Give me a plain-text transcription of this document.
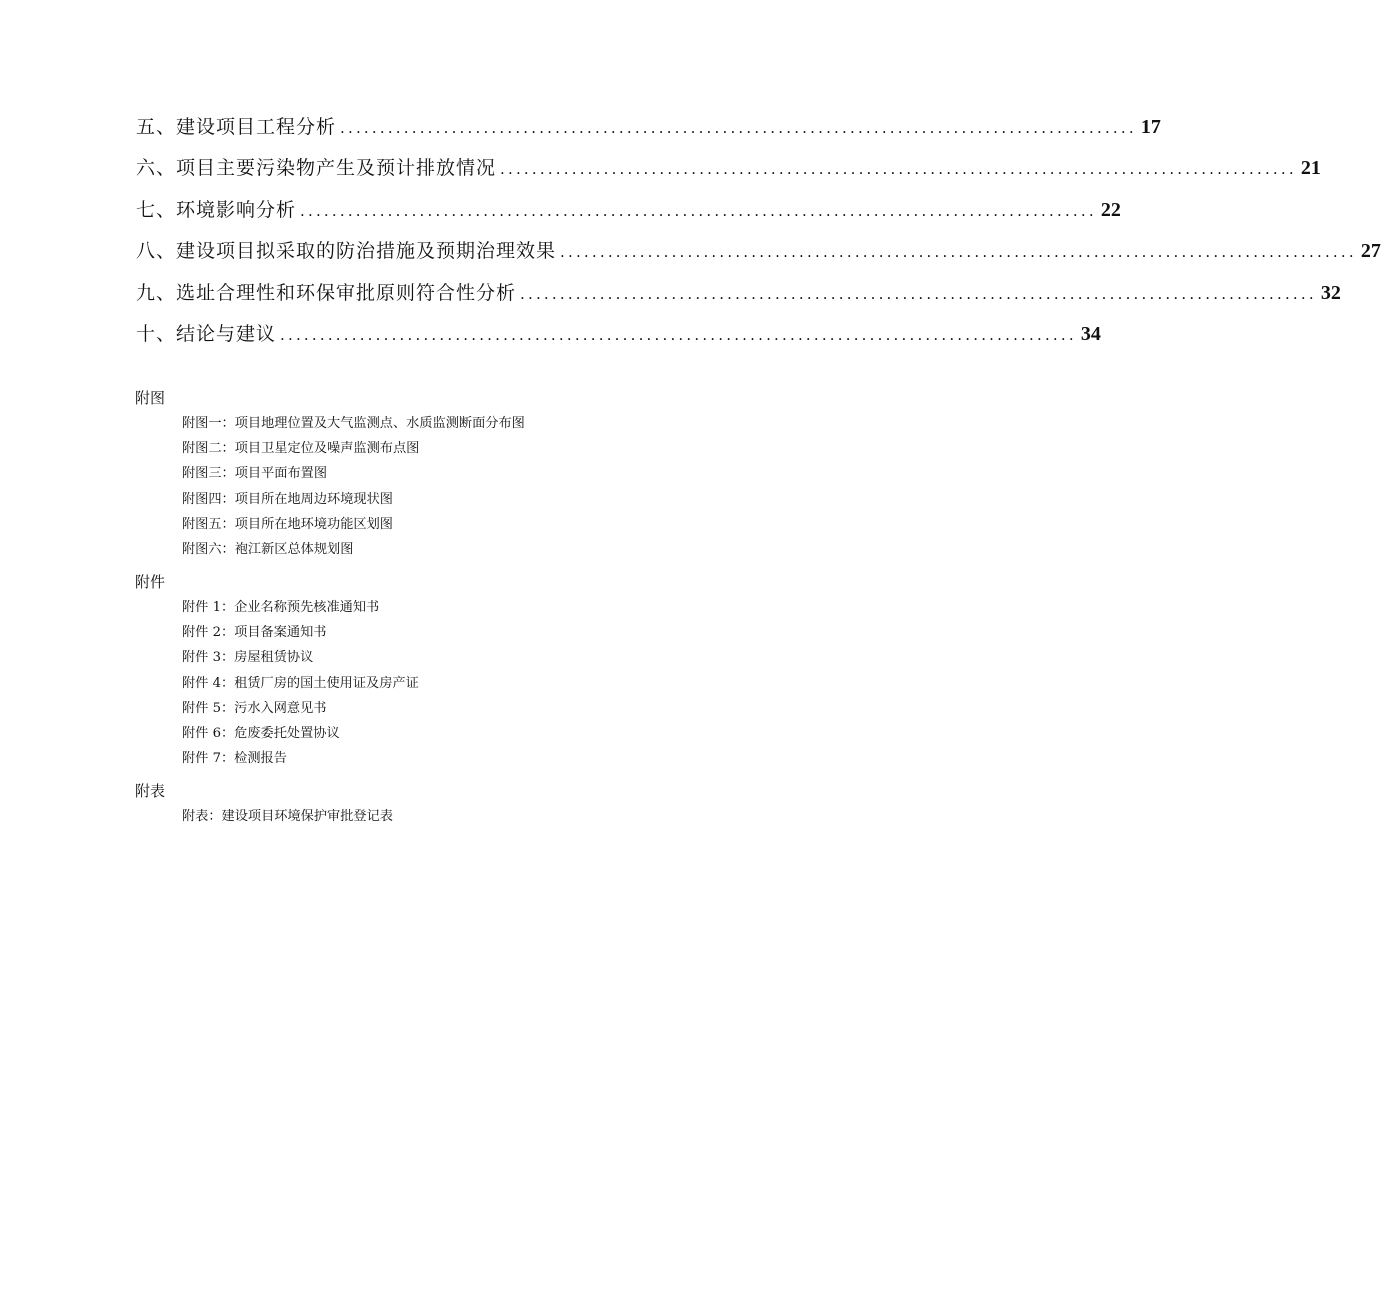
五、建设项目工程分析 .................................................................................................... 17
六、项目主要污染物产生及预计排放情况 .................................................................................................... 21
七、环境影响分析 .................................................................................................... 22
八、建设项目拟采取的防治措施及预期治理效果 .................................................................................................... 27
九、选址合理性和环保审批原则符合性分析 .................................................................................................... 32
十、结论与建议 .................................................................................................... 34
附图
附图一：项目地理位置及大气监测点、水质监测断面分布图
附图二：项目卫星定位及噪声监测布点图
附图三：项目平面布置图
附图四：项目所在地周边环境现状图
附图五：项目所在地环境功能区划图
附图六：袍江新区总体规划图
附件
附件 1：企业名称预先核准通知书
附件 2：项目备案通知书
附件 3：房屋租赁协议
附件 4：租赁厂房的国土使用证及房产证
附件 5：污水入网意见书
附件 6：危废委托处置协议
附件 7：检测报告
附表
附表：建设项目环境保护审批登记表
